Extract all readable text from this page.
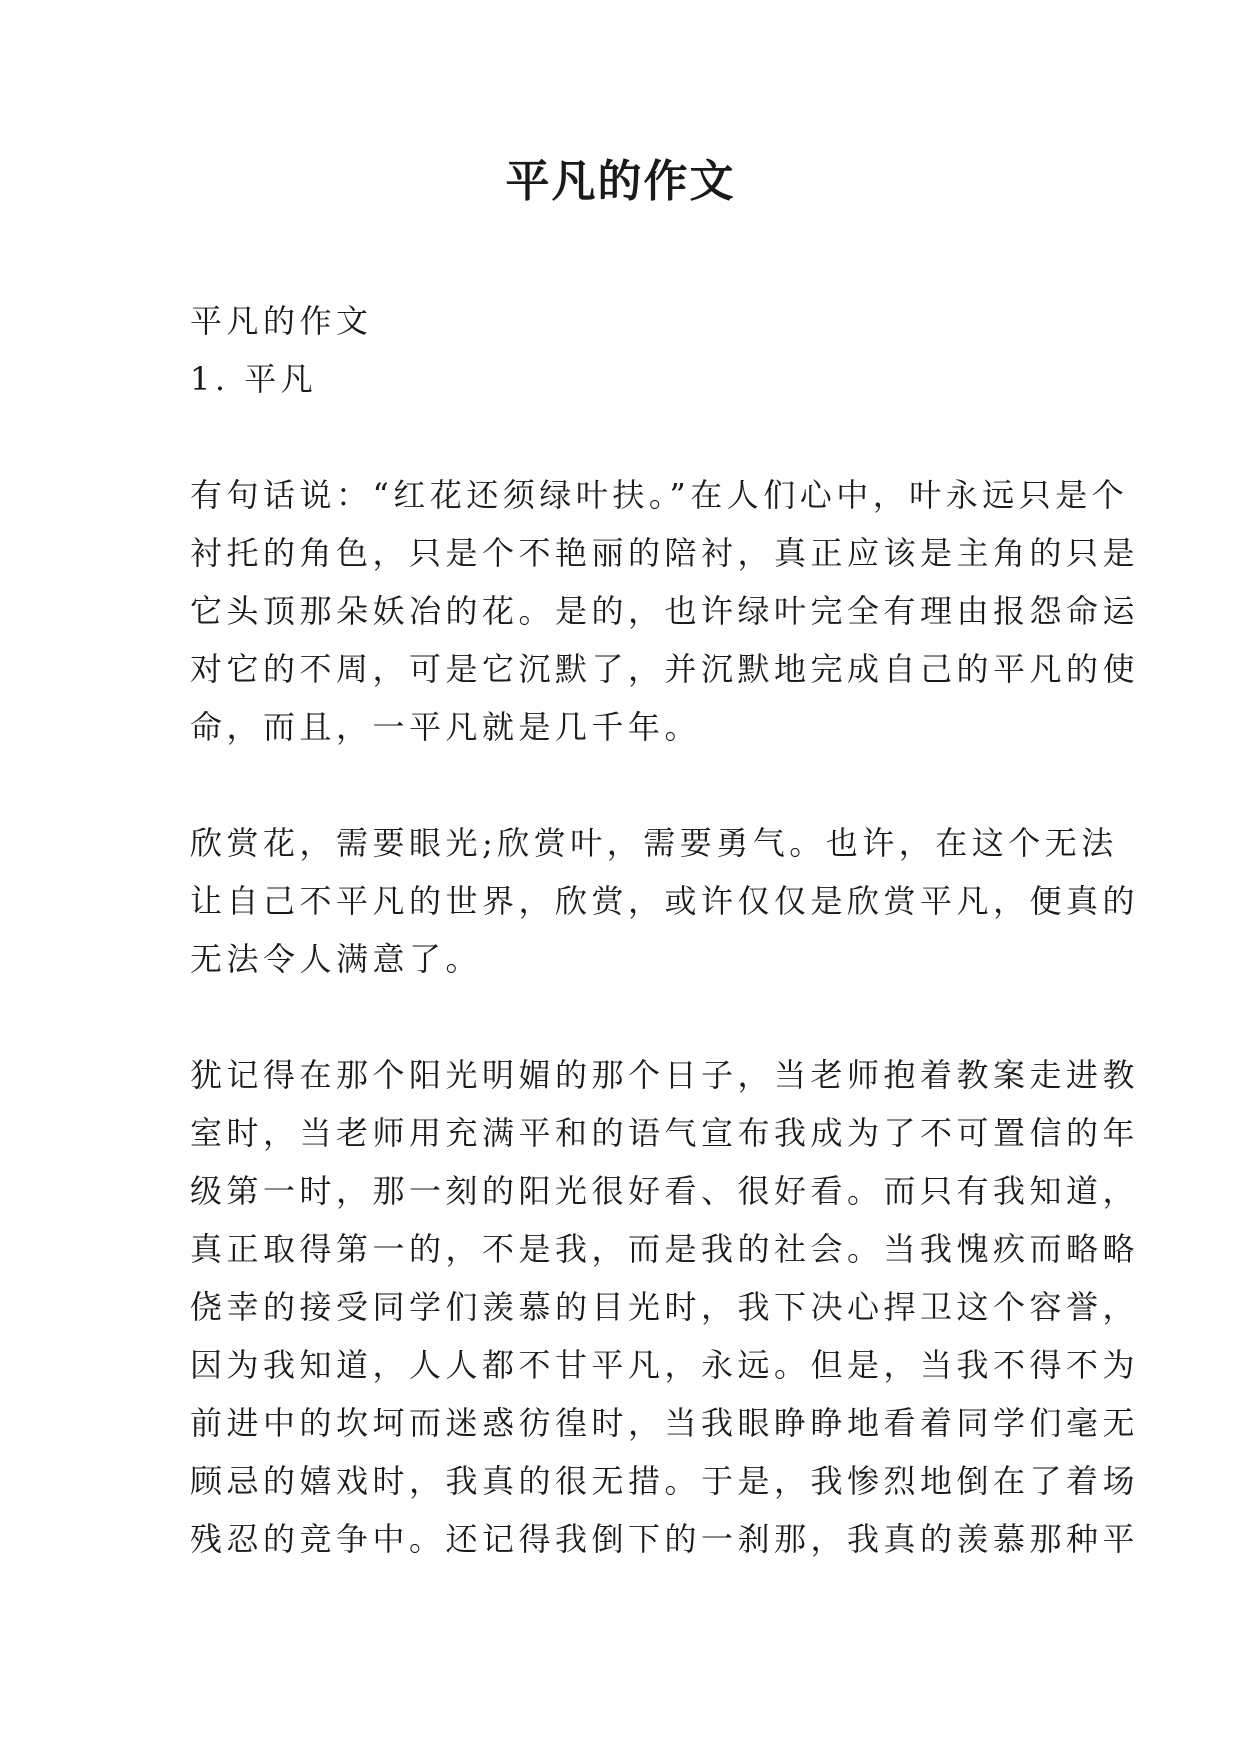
平凡的作文
平凡的作文
1. 平凡
有句话说：“红花还须绿叶扶。”在人们心中，叶永远只是个
衬托的角色，只是个不艳丽的陪衬，真正应该是主角的只是
它头顶那朵妖冶的花。是的，也许绿叶完全有理由报怨命运
对它的不周，可是它沉默了，并沉默地完成自己的平凡的使
命，而且，一平凡就是几千年。
欣赏花，需要眼光;欣赏叶，需要勇气。也许，在这个无法
让自己不平凡的世界，欣赏，或许仅仅是欣赏平凡，便真的
无法令人满意了。
犹记得在那个阳光明媚的那个日子，当老师抱着教案走进教
室时，当老师用充满平和的语气宣布我成为了不可置信的年
级第一时，那一刻的阳光很好看、很好看。而只有我知道，
真正取得第一的，不是我，而是我的社会。当我愧疚而略略
侥幸的接受同学们羡慕的目光时，我下决心捍卫这个容誉，
因为我知道，人人都不甘平凡，永远。但是，当我不得不为
前进中的坎坷而迷惑彷徨时，当我眼睁睁地看着同学们毫无
顾忌的嬉戏时，我真的很无措。于是，我惨烈地倒在了着场
残忍的竞争中。还记得我倒下的一刹那，我真的羡慕那种平
